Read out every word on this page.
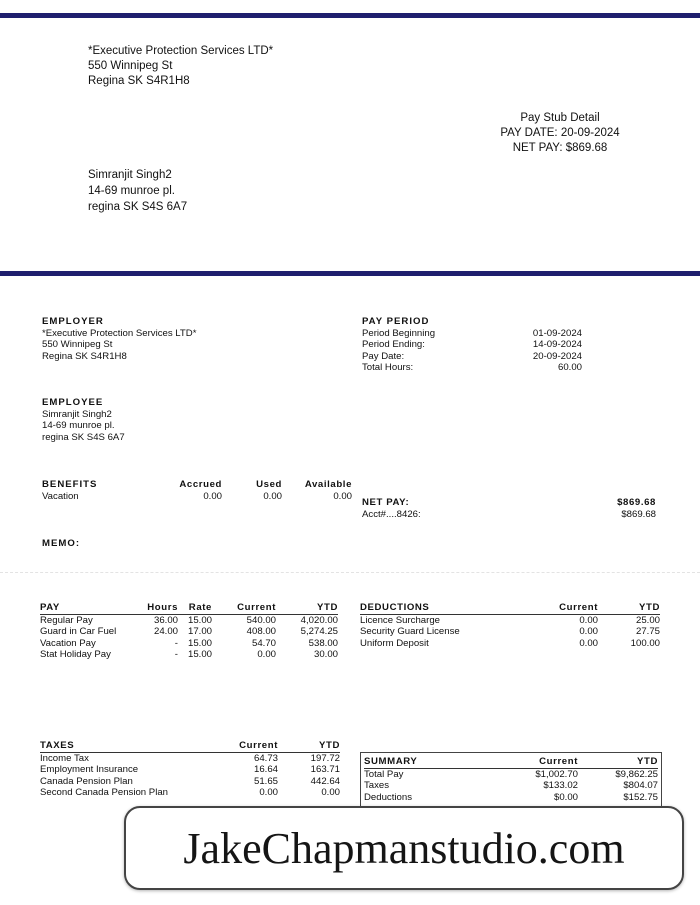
*Executive Protection Services LTD*
550 Winnipeg St
Regina SK S4R1H8
Pay Stub Detail
PAY DATE: 20-09-2024
NET PAY: $869.68
Simranjit Singh2
14-69 munroe pl.
regina SK S4S 6A7
EMPLOYER
*Executive Protection Services LTD*
550 Winnipeg St
Regina SK S4R1H8
PAY PERIOD
Period Beginning	01-09-2024
Period Ending:	14-09-2024
Pay Date:	20-09-2024
Total Hours:	60.00
EMPLOYEE
Simranjit Singh2
14-69 munroe pl.
regina SK S4S 6A7
BENEFITS	Accrued	Used	Available
Vacation	0.00	0.00	0.00
NET PAY:	$869.68
Acct#....8426:	$869.68
MEMO:
PAY	Hours	Rate	Current	YTD
Regular Pay	36.00	15.00	540.00	4,020.00
Guard in Car Fuel	24.00	17.00	408.00	5,274.25
Vacation Pay	-	15.00	54.70	538.00
Stat Holiday Pay	-	15.00	0.00	30.00
DEDUCTIONS	Current	YTD
Licence Surcharge	0.00	25.00
Security Guard License	0.00	27.75
Uniform Deposit	0.00	100.00
TAXES	Current	YTD
Income Tax	64.73	197.72
Employment Insurance	16.64	163.71
Canada Pension Plan	51.65	442.64
Second Canada Pension Plan	0.00	0.00
SUMMARY	Current	YTD
Total Pay	$1,002.70	$9,862.25
Taxes	$133.02	$804.07
Deductions	$0.00	$152.75
JakeChapmanstudio.com
